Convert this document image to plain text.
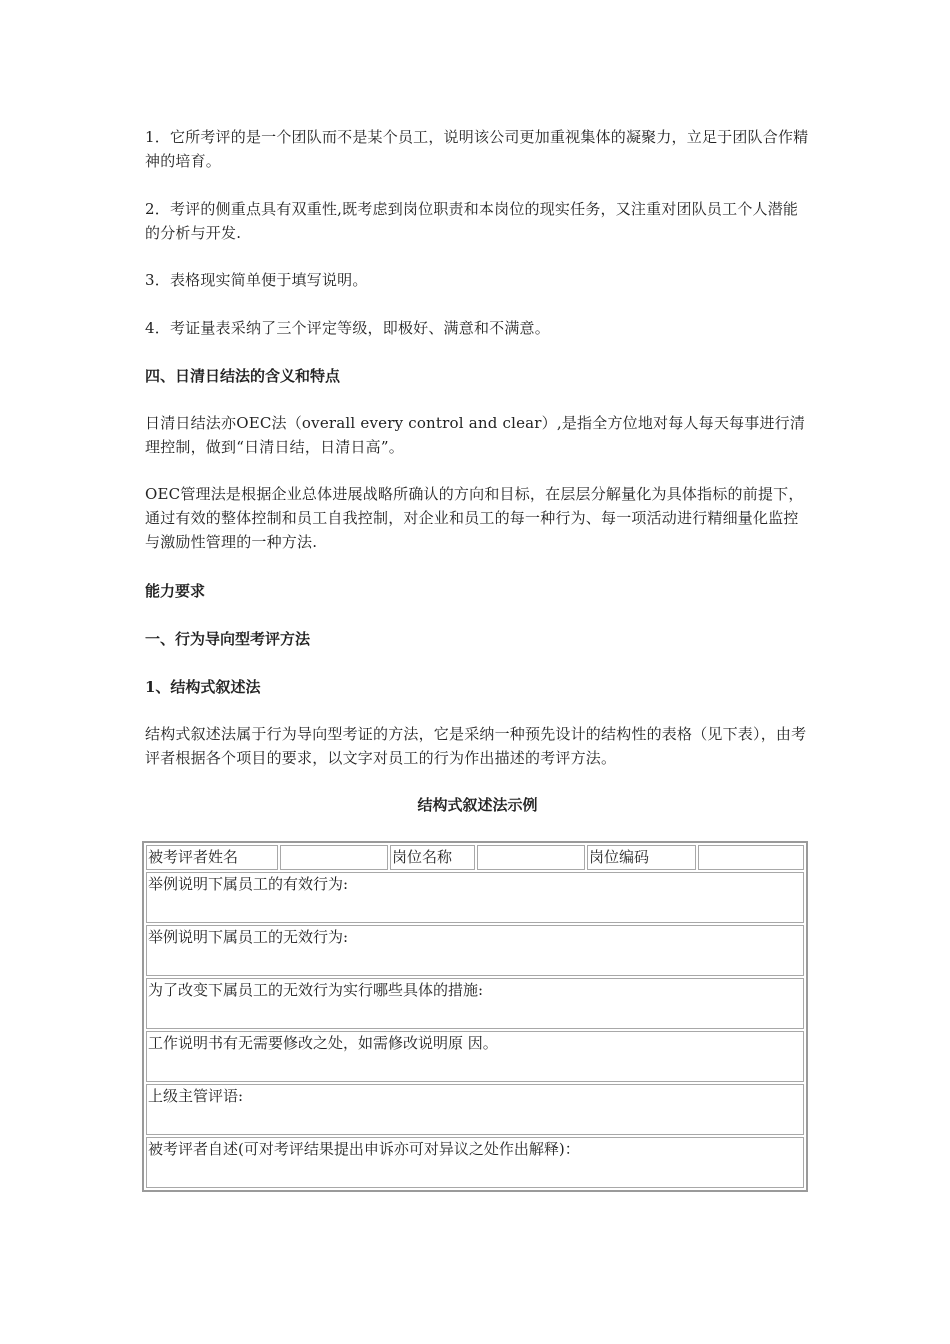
1．它所考评的是一个团队而不是某个员工，说明该公司更加重视集体的凝聚力，立足于团队合作精神的培育。

2．考评的侧重点具有双重性,既考虑到岗位职责和本岗位的现实任务，又注重对团队员工个人潜能的分析与开发.

3．表格现实简单便于填写说明。

4．考证量表采纳了三个评定等级，即极好、满意和不满意。

四、日清日结法的含义和特点

日清日结法亦OEC法（overall every control and clear）,是指全方位地对每人每天每事进行清理控制，做到“日清日结，日清日高”。

OEC管理法是根据企业总体进展战略所确认的方向和目标，在层层分解量化为具体指标的前提下，通过有效的整体控制和员工自我控制，对企业和员工的每一种行为、每一项活动进行精细量化监控与激励性管理的一种方法.

能力要求

一、行为导向型考评方法

1、结构式叙述法

结构式叙述法属于行为导向型考证的方法，它是采纳一种预先设计的结构性的表格（见下表），由考评者根据各个项目的要求，以文字对员工的行为作出描述的考评方法。

结构式叙述法示例

被考评者姓名		岗位名称		岗位编码	
举例说明下属员工的有效行为:
举例说明下属员工的无效行为:
为了改变下属员工的无效行为实行哪些具体的措施:
工作说明书有无需要修改之处，如需修改说明原 因。
上级主管评语:
被考评者自述(可对考评结果提出申诉亦可对异议之处作出解释)：
